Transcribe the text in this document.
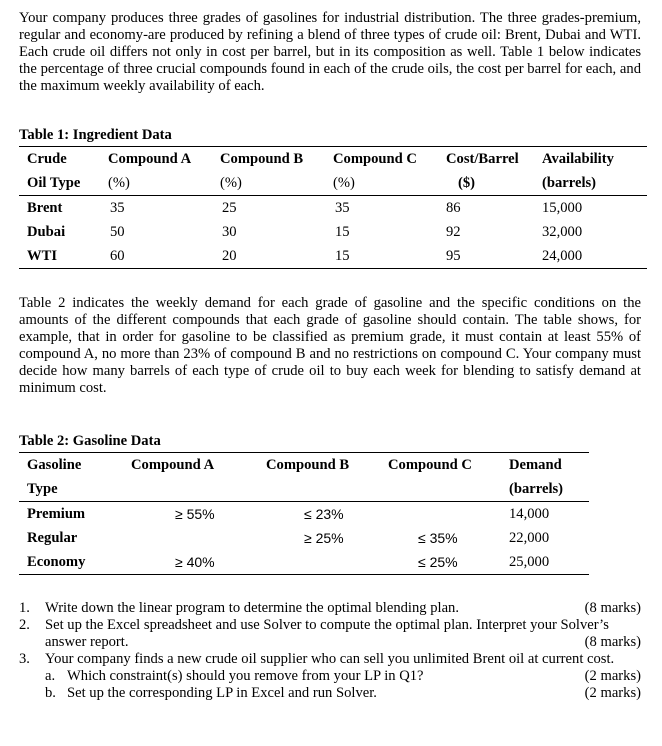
Your company produces three grades of gasolines for industrial distribution. The three grades-premium, regular and economy-are produced by refining a blend of three types of crude oil: Brent, Dubai and WTI. Each crude oil differs not only in cost per barrel, but in its composition as well. Table 1 below indicates the percentage of three crucial compounds found in each of the crude oils, the cost per barrel for each, and the maximum weekly availability of each.

Table 1: Ingredient Data

Crude	Compound A	Compound B	Compound C	Cost/Barrel	Availability
Oil Type	(%)	(%)	(%)	($)	(barrels)
Brent	35	25	35	86	15,000
Dubai	50	30	15	92	32,000
WTI	60	20	15	95	24,000

Table 2 indicates the weekly demand for each grade of gasoline and the specific conditions on the amounts of the different compounds that each grade of gasoline should contain. The table shows, for example, that in order for gasoline to be classified as premium grade, it must contain at least 55% of compound A, no more than 23% of compound B and no restrictions on compound C. Your company must decide how many barrels of each type of crude oil to buy each week for blending to satisfy demand at minimum cost.

Table 2: Gasoline Data

Gasoline	Compound A	Compound B	Compound C	Demand
Type				(barrels)
Premium	≥ 55%	≤ 23%		14,000
Regular		≥ 25%	≤ 35%	22,000
Economy	≥ 40%		≤ 25%	25,000
1.	(8 marks)
Write down the linear program to determine the optimal blending plan.
2. Set up the Excel spreadsheet and use Solver to compute the optimal plan. Interpret your Solver’s answer report.	(8 marks)
3. Your company finds a new crude oil supplier who can sell you unlimited Brent oil at current cost.
a.	(2 marks)
Which constraint(s) should you remove from your LP in Q1?
b.	(2 marks)
Set up the corresponding LP in Excel and run Solver.
